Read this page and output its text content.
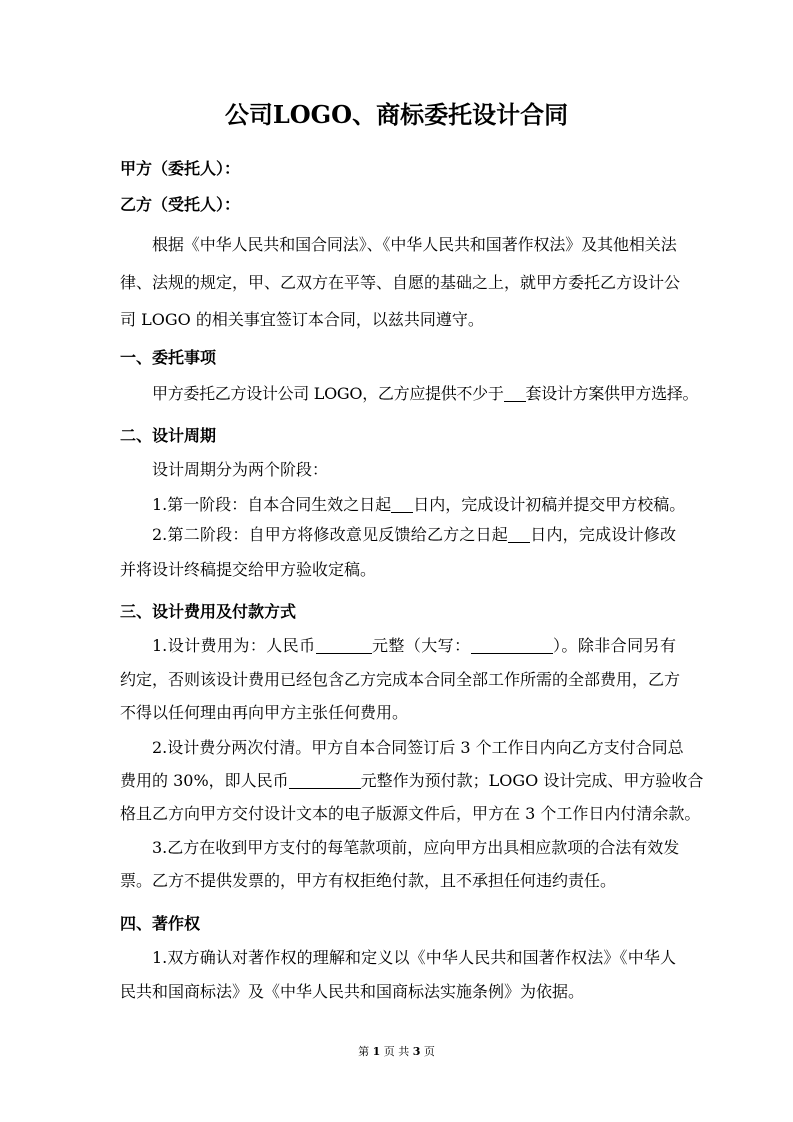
公司LOGO、商标委托设计合同
甲方（委托人）：
乙方（受托人）：
根据《中华人民共和国合同法》、《中华人民共和国著作权法》及其他相关法
律、法规的规定，甲、乙双方在平等、自愿的基础之上，就甲方委托乙方设计公
司 LOGO 的相关事宜签订本合同，以兹共同遵守。
一、委托事项
甲方委托乙方设计公司 LOGO，乙方应提供不少于 套设计方案供甲方选择。
二、设计周期
设计周期分为两个阶段：
1.第一阶段：自本合同生效之日起 日内，完成设计初稿并提交甲方校稿。
2.第二阶段：自甲方将修改意见反馈给乙方之日起 日内，完成设计修改
并将设计终稿提交给甲方验收定稿。
三、设计费用及付款方式
1.设计费用为：人民币	元整（大写：	）。除非合同另有
约定，否则该设计费用已经包含乙方完成本合同全部工作所需的全部费用，乙方
不得以任何理由再向甲方主张任何费用。
2.设计费分两次付清。甲方自本合同签订后 3 个工作日内向乙方支付合同总
费用的 30%，即人民币	元整作为预付款；LOGO 设计完成、甲方验收合
格且乙方向甲方交付设计文本的电子版源文件后，甲方在 3 个工作日内付清余款。
3.乙方在收到甲方支付的每笔款项前，应向甲方出具相应款项的合法有效发
票。乙方不提供发票的，甲方有权拒绝付款，且不承担任何违约责任。
四、著作权
1.双方确认对著作权的理解和定义以《中华人民共和国著作权法》《中华人
民共和国商标法》及《中华人民共和国商标法实施条例》为依据。
第 1 页 共 3 页
